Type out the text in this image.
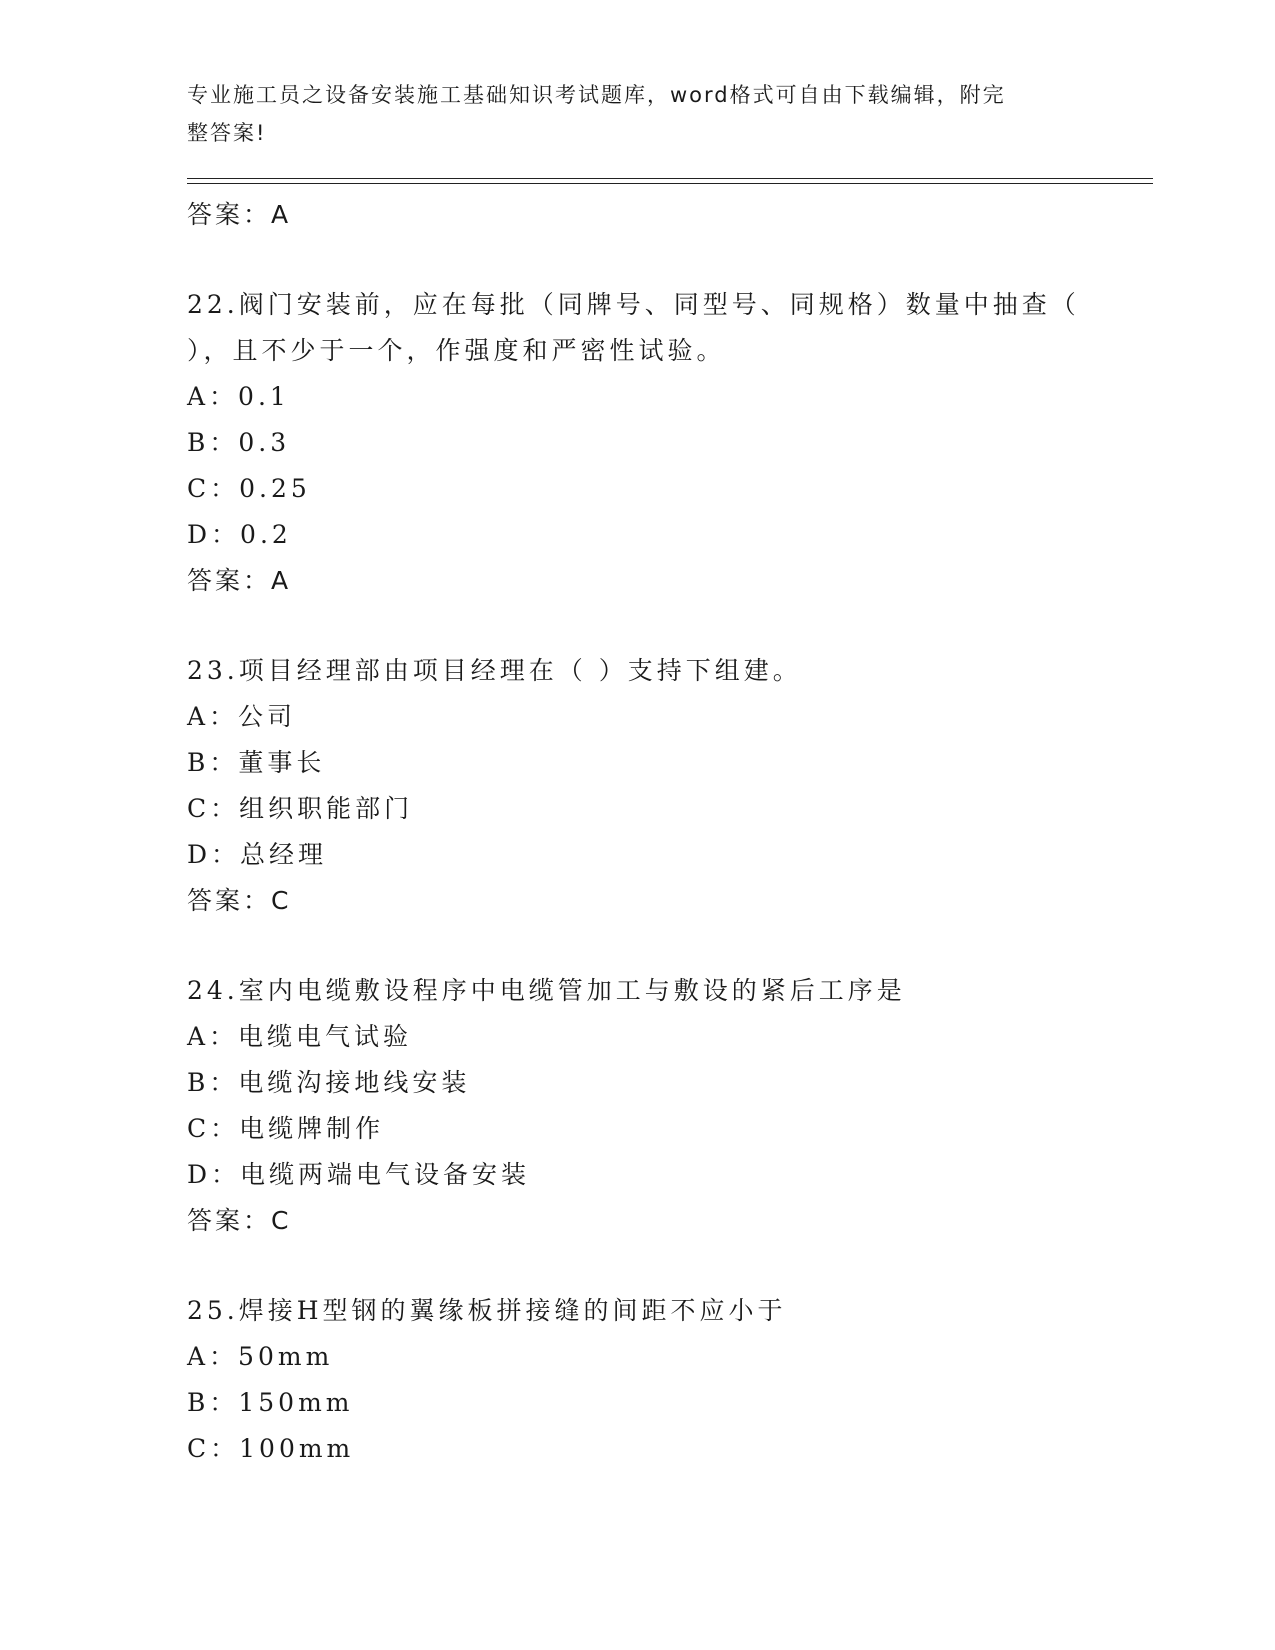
专业施工员之设备安装施工基础知识考试题库，word格式可自由下载编辑，附完
整答案!
答案：A
22.阀门安装前，应在每批（同牌号、同型号、同规格）数量中抽查（
），且不少于一个，作强度和严密性试验。
A：0.1
B：0.3
C：0.25
D：0.2
答案：A
23.项目经理部由项目经理在（ ）支持下组建。
A：公司
B：董事长
C：组织职能部门
D：总经理
答案：C
24.室内电缆敷设程序中电缆管加工与敷设的紧后工序是
A：电缆电气试验
B：电缆沟接地线安装
C：电缆牌制作
D：电缆两端电气设备安装
答案：C
25.焊接H型钢的翼缘板拼接缝的间距不应小于
A：50mm
B：150mm
C：100mm
